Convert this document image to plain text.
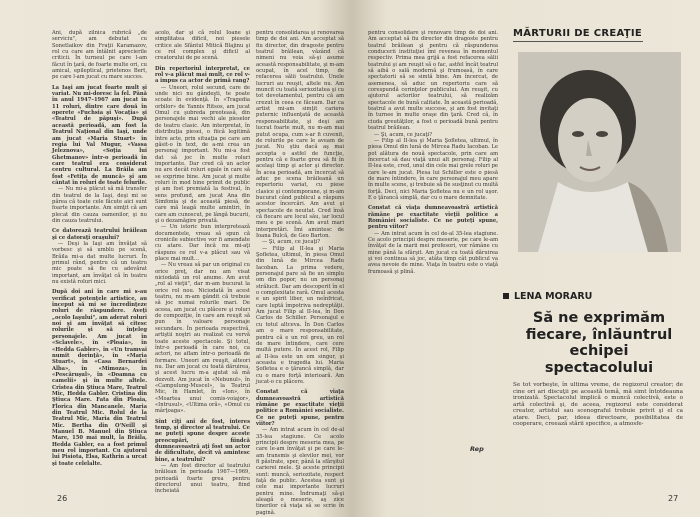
Ani, după zilnica rubrică „de serviciu", am debutat cu Sonetlaikov din Fraţii Karamazov, rol cu care am întâlnit aprecierile criticii. În turneul pe care l-am făcut în ţară, de foarte multe ori, cu amical, epileptical, prietenos Bert, pe care l-am jucat cu mare succes.

La Iaşi am jucat foarte mult şi variat. Nu mi-doresc la fel. Până în anul 1947–1967 am jucat în 11 roluri, dintre care două în operete «Fuchsia şi Vocaţia» şi «Teatrul de păpuşi». După această perioadă, am fost la Teatrul Naţional din Iaşi, unde am jucat «Maria Stuart» în regia lui Val Mugur, «Vassa Jeleznova», «Soţia lui Ghetmanov» într-o perioadă în care teatrul era considerat centru cultural. La Brăila am fost «Fetiţa de muncă» şi am cântat în roluri de toate felurile.

— Nu mi-a plăcut să mă transfer din teatrul de la Iaşi, deşi mi se părea că toate cele făcute aici sunt foarte importante. Am simţit că am plecat din cauza oamenilor, şi nu din cauza teatrului.

Ce datorează teatrului brăilean şi ce datoraţi oraşului?

— Deşi la Iaşi am învăţat să vorbesc şi să umblu pe scenă, Brăila mi-a dat multe lucruri. În primul rând, pentru că un teatru mic poate să fie cu adevărat important, am învăţat că în teatru nu există roluri mici.

După doi ani în care mi s-au verificat potenţele artistice, au început să mi se încredinţeze roluri de răspundere. Aveţi „ocolo Iaşului", am aderat roluri noi şi am învăţat să citesc rolurile şi să înţeleg personajele. Am jucat în «Sclavele», în «Ploaia», în «Hedda Gabler», în «Un tramvai numit dorinţă», în «Maria Stuart», în «Casa Bernardei Alba», în «Mimoza», în «Pescăruşul», în «Doamna cu camelii» şi în multe altele. Cristea din Ştiuca Mare, Teatrul Mic, Hedda Gabler. Cristina din Ştiuca Mare. Fata din Ploaia, Florica din Mancanele. Maria din Teatrul Mic. Rolul de la Teatrul Mic, Maria din Teatrul Mic. Bertha din O'Neill şi Manuel B. Manuel din Ştiuca Mare, 150 mai mult, la Brăila, Hedda Gabler, ea a fost primul meu rol important. Cu ajutorul lui Pisiota, Elsa, Kathrin a urcat şi toate celelalte.

acolo, dar şi că rolul Ioane şi simplitatea dificil, noi piesele critice ale Sfântul Mitică Blajinu şi ce rol complex şi dificil al creatorului de pe scenă.

Din repertoriul interpretat, ce rol v-a plăcut mai mult, ce rol v-a impus ca actor de primă rang?

— Uneori, rolul secund, care de unde nici nu gândeşti, te poate scoate în evidenţă. În «Tragedia orbilor» de Yannis Ritsos, am jucat Omul cu şubreda preoteasă, din personajele mai vechi ale pieselor de teatru clasic. Am interpretat, în distribuţia piesei, o fiică legitimă între acte, prin situaţia pe care am găsit-o în text, de a-mi crea un personaj important. Nu mi-a fost dat să joc în multe roluri importante. Dar cred că un actor nu are decât roluri egale în care să se exprime bine. Am jucat şi multe roluri în mod bine primit de public şi am fost premiată la festival, în sens profund, am jucat Ana din Simfonia şi de această piesă, de care mă leagă multe amintiri, în care am cunoscut, pe lângă bucurii, şi o dezamăgire privată.

— Un istoric bun interpretează documentele, vreau să spun că cronicile subiective vor fi amendate cu atare. Dar încă nu mi-aţi răspuns ce rol v-a plăcut sau vă place mai mult...

— Nu vreau să par un original cu orice preţ, dar nu am visat niciodată un rol anume. Am avut „rol al vieţii", dar m-am bucurat la orice rol nou. Niciodată în acest teatru, nu m-am gândit că trebuie să joc numai rolurile mari. De aceea, am jucat cu plăcere şi roluri de compoziţie, în care am reuşit să pun în valoare personaje secundare. În perioada respectivă, artiştii noştri au realizat cu vervă toate aceste spectacole. Şi totul, într-o perioadă în care noi, ca actori, ne aflam într-o perioadă de formare. Uneori am reuşit, alteori nu. Dar am jucat cu toată dăruirea, şi acest lucru m-a ajutat să mă dezvolt. Am jucat în «Nebunul», în «Campulung-Muscel», la Teatrul Mic, în Hamlet, în «Ion», în «Moartea unui comis-voiajor», «Intrusul», «Ultima oră», «Omul cu mârţoaga».

Sînt cîţi ani de fost, interes temp, şi director al teatrului. Ce ne puteţi spune despre aceste preocupări, fiindcă dumneavoastră aţi fost un actor de dificultate, decît vă amintesc bine, a teatrului?

— Am fost director al teatrului brăilean în perioada 1967—1969, perioadă foarte grea pentru directorul unui teatru, fiind încheiată

pentru consolidarea şi renovarea timp de doi ani. Am acceptat să fiu director, din dragoste pentru teatrul brăilean, văzând că nimeni nu voia să-şi asume această responsabilitate, şi m-am ocupat, în acel timp, de refacerea sălii teatrului. Unele lucruri au reuşit, altele nu. Am muncit cu toată seriozitatea şi cu tot devotamentul, pentru că am crezut în ceea ce făceam. Dar ca artist mi-am simţit cariera puternic influenţată de această responsabilitate, şi deşi am lucrat foarte mult, nu m-am mai putut ocupa, cum s-ar fi cuvenit, de rolurile pe care le aveam de jucat. Nu ştiu dacă aş mai accepta o astfel de funcţie, pentru că e foarte greu să fii în acelaşi timp şi actor şi director. În acea perioadă, am încercat să aduc pe scena brăileană un repertoriu variat, cu piese clasice şi contemporane, şi m-am bucurat când publicul a răspuns acestor încercări. Am avut şi spectacole de neuitat. Cred însă că fiecare are locul său, iar locul meu e pe scenă. Am avut mari interpretări. Îmi amintesc de Ioana Bulcă, de Geo Barton.

— Şi, acum, ce jucaţi?

— Filip al II-lea şi Maria Şofletea, ultimul, în piesa Omul din lună de Mircea Radu Iacoban. La prima vedere, personajul pare să fie un simplu om din popor, nu un personaj strălucit. Dar am descoperit în el o complexitate rară. Omul acesta e un spirit liber, un neînfricat, care luptă împotriva nedreptăţii. Am jucat Filip al II-lea, în Don Carlos de Schiller. Personajul e cu totul altceva. În Don Carlos am o mare responsabilitate, pentru că e un rol greu, un rol de mare întindere, care cere multă putere. În acest rol, Filip al II-lea este un om singur, şi aceasta e tragedia lui. Maria Şofletea e o ţărancă simplă, dar cu o mare forţă interioară. Am jucat-o cu plăcere.

Constat că viaţa dumneavoastră artistică rămâne pe exactitate vieţii politice a României socialiste. Ce ne puteţi spune, pentru viitor?

— Am intrat acum în cel de-al 35-lea stagiune. Ce acolo principii despre meseria mea, pe care le-am învăţat şi pe care le-am transmis şi elevilor mei, vor fi păstrate, sper, până la sfârşitul carierei mele. Şi aceste principii sunt: muncă, seriozitate, respect faţă de public. Acestea sunt şi cele mai importante lucruri pentru mine. Îndrumaţi să-şi aleagă o meserie, aş zice tinerilor că viaţa să se scrie în pagină.

26
MĂRTURII DE CREAŢIE

pentru consolidare şi renovare timp de doi ani. Am acceptat să fiu director din dragoste pentru teatrul brăilean şi pentru că răspunderea conducerii instituţiei îmi revenea în momentul respectiv. Prima mea grijă a fost refacerea sălii teatrului şi am reuşit să o fac, astfel încât teatrul să aibă o sală modernă şi frumoasă, în care spectatorii să se simtă bine. Am încercat, de asemenea, să aduc un repertoriu care să corespundă cerinţelor publicului. Am reuşit, cu ajutorul actorilor teatrului, să realizăm spectacole de bună calitate. În această perioadă, teatrul a avut multe succese, şi am fost invitaţi în turnee în multe oraşe din ţară. Cred că, în ciuda greutăţilor, a fost o perioadă bună pentru teatrul brăilean.

— Şi, acum, ce jucaţi?

— Filip al II-lea şi Maria Şofletea, ultimul, în piesa Omul din lună de Mircea Radu Iacoban. Le pot alătura de nouă spectacole, prin care am încercat să dau viaţă unui alt personaj. Filip al II-lea este, cred, unul din cele mai grele roluri pe care le-am jucat. Piesa lui Schiller este o piesă de mare întindere, în care personajul meu apare în multe scene, şi trebuie să fie susţinut cu multă forţă. Deci, nici Maria Şofletea nu e un rol uşor. E o ţărancă simplă, dar cu o mare demnitate.

Constat că viaţa dumneavoastră artistică rămâne pe exactitate vieţii politice a României socialiste. Ce ne puteţi spune, pentru viitor?

— Am intrat acum în cel de-al 35-lea stagiune. Ce acolo principii despre meserie, pe care le-am învăţat de la marii mei profesori, vor rămâne cu mine până la sfârşit. Am jucat cu toată dăruirea şi voi continua să joc, atâta timp cât publicul va avea nevoie de mine. Viaţa în teatru este o viaţă frumoasă şi plină.

Rep
LENA MORARU
Să ne exprimăm fiecare, înlăuntrul echipei spectacolului

Se tot vorbeşte, în ultima vreme, de regizorul creator; de cine ori ari discuţii pe această temă, mă simt întotdeauna ironizată. Spectacolul implică o muncă colectivă, este o artă colectivă şi, de aceea, regizorul este considerat creator, artistul sau scenograful trebuie privit şi el ca atare. Deci, par, ideea directoare, posibilitatea de cooperare, creează stării specifice, a atmosfe-

27
